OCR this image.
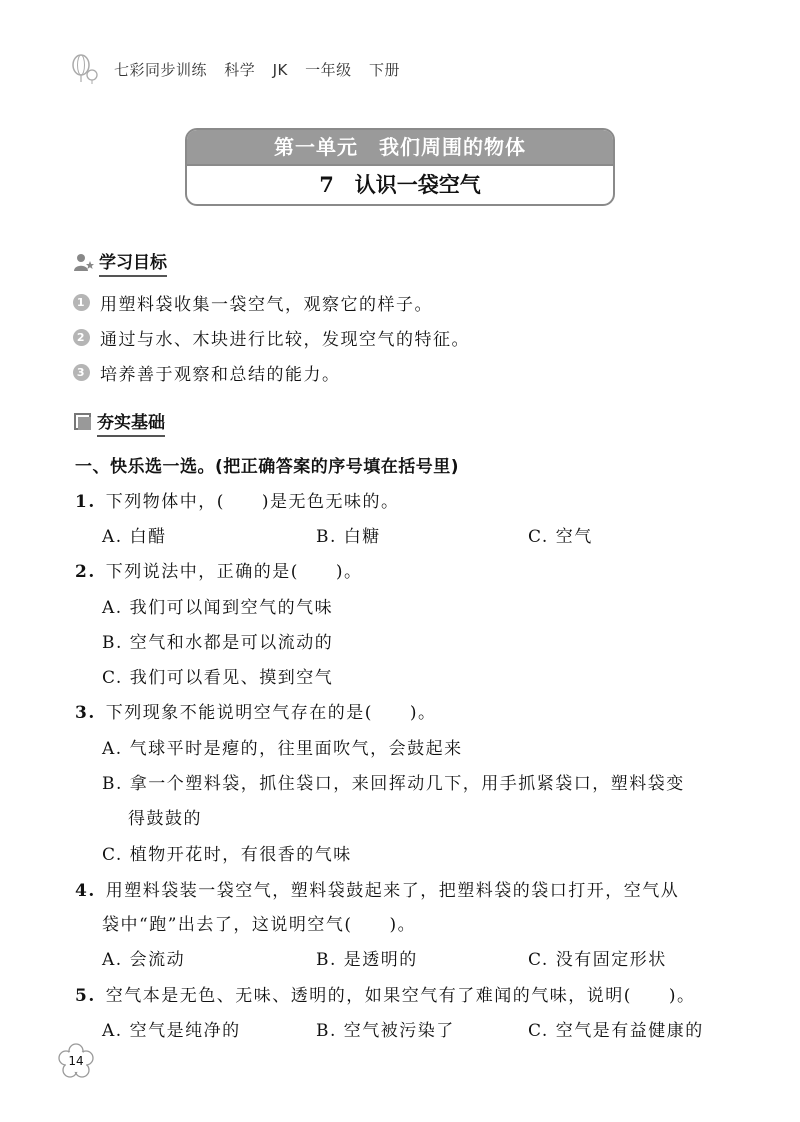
七彩同步训练 科学 JK 一年级 下册
第一单元　我们周围的物体
7　认识一袋空气
学习目标
1 用塑料袋收集一袋空气，观察它的样子。
2 通过与水、木块进行比较，发现空气的特征。
3 培养善于观察和总结的能力。
夯实基础
一、快乐选一选。(把正确答案的序号填在括号里)
1. 下列物体中，(　　)是无色无味的。
A. 白醋	B. 白糖	C. 空气
2. 下列说法中，正确的是(　　)。
A. 我们可以闻到空气的气味
B. 空气和水都是可以流动的
C. 我们可以看见、摸到空气
3. 下列现象不能说明空气存在的是(　　)。
A. 气球平时是瘪的，往里面吹气，会鼓起来
B. 拿一个塑料袋，抓住袋口，来回挥动几下，用手抓紧袋口，塑料袋变
得鼓鼓的
C. 植物开花时，有很香的气味
4. 用塑料袋装一袋空气，塑料袋鼓起来了，把塑料袋的袋口打开，空气从
袋中“跑”出去了，这说明空气(　　)。
A. 会流动	B. 是透明的	C. 没有固定形状
5. 空气本是无色、无味、透明的，如果空气有了难闻的气味，说明(　　)。
A. 空气是纯净的	B. 空气被污染了	C. 空气是有益健康的
14
